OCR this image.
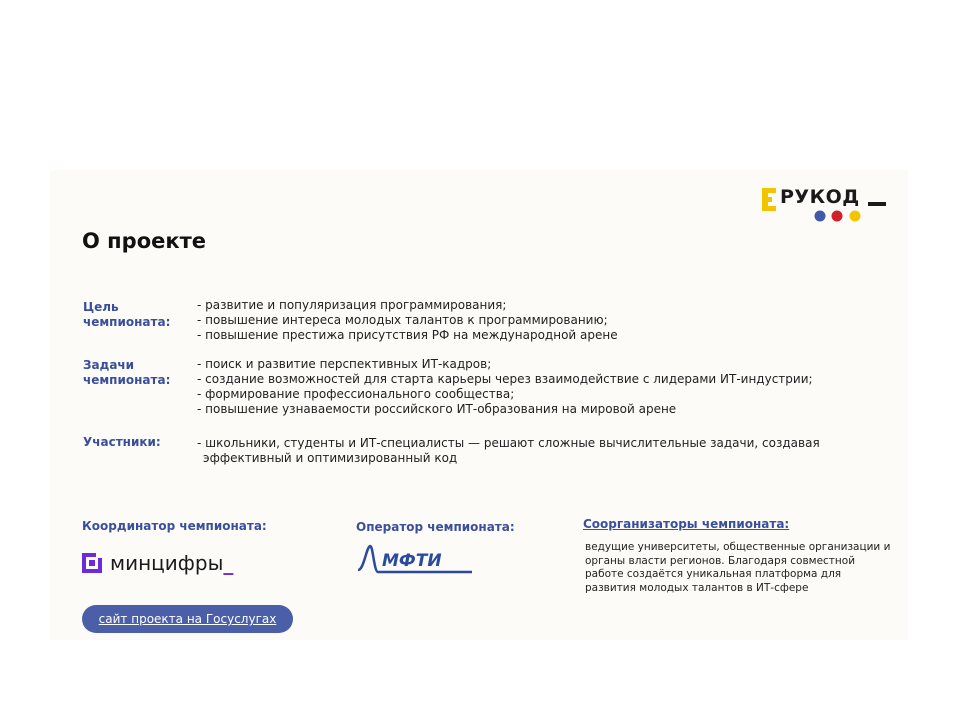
РУКОД
О проекте
Цель чемпионата:
- развитие и популяризация программирования;
- повышение интереса молодых талантов к программированию;
- повышение престижа присутствия РФ на международной арене
Задачи чемпионата:
- поиск и развитие перспективных ИТ-кадров;
- создание возможностей для старта карьеры через взаимодействие с лидерами ИТ-индустрии;
- формирование профессионального сообщества;
- повышение узнаваемости российского ИТ-образования на мировой арене
Участники:	- школьники, студенты и ИТ-специалисты — решают сложные вычислительные задачи, создавая
эффективный и оптимизированный код
Координатор чемпионата:
минцифры _
Оператор чемпионата:
МФТИ
Соорганизаторы чемпионата:

ведущие университеты, общественные организации и органы власти регионов. Благодаря совместной работе создаётся уникальная платформа для развития молодых талантов в ИТ-сфере

сайт проекта на Госуслугах
